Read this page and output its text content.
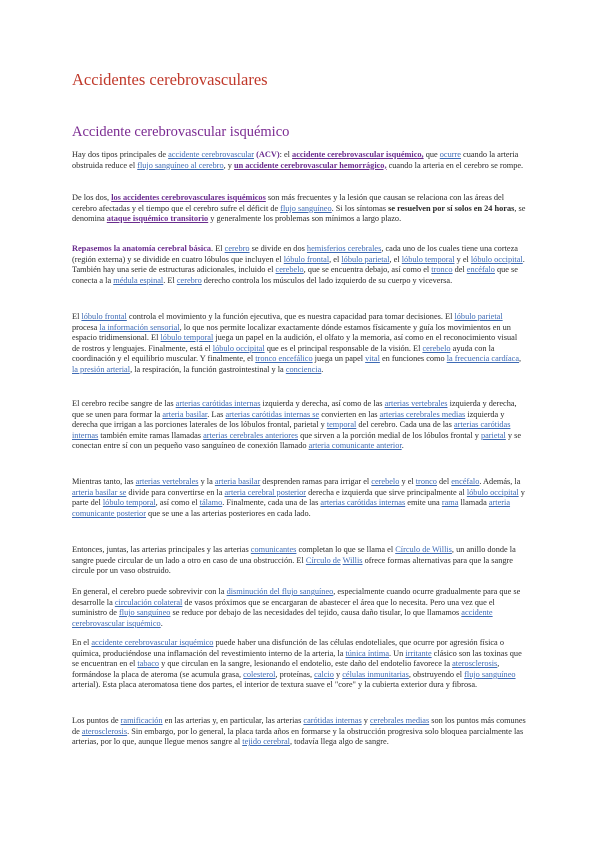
Accidentes cerebrovasculares
Accidente cerebrovascular isquémico

Hay dos tipos principales de accidente cerebrovascular (ACV): el accidente cerebrovascular isquémico, que ocurre cuando la arteria obstruida reduce el flujo sanguíneo al cerebro, y un accidente cerebrovascular hemorrágico, cuando la arteria en el cerebro se rompe.

De los dos, los accidentes cerebrovasculares isquémicos son más frecuentes y la lesión que causan se relaciona con las áreas del cerebro afectadas y el tiempo que el cerebro sufre el déficit de flujo sanguíneo. Si los síntomas se resuelven por sí solos en 24 horas, se denomina ataque isquémico transitorio y generalmente los problemas son mínimos a largo plazo.

Repasemos la anatomía cerebral básica. El cerebro se divide en dos hemisferios cerebrales, cada uno de los cuales tiene una corteza (región externa) y se dividide en cuatro lóbulos que incluyen el lóbulo frontal, el lóbulo parietal, el lóbulo temporal y el lóbulo occipital. También hay una serie de estructuras adicionales, incluido el cerebelo, que se encuentra debajo, así como el tronco del encéfalo que se conecta a la médula espinal. El cerebro derecho controla los músculos del lado izquierdo de su cuerpo y viceversa.

El lóbulo frontal controla el movimiento y la función ejecutiva, que es nuestra capacidad para tomar decisiones. El lóbulo parietal procesa la información sensorial, lo que nos permite localizar exactamente dónde estamos físicamente y guía los movimientos en un espacio tridimensional. El lóbulo temporal juega un papel en la audición, el olfato y la memoria, así como en el reconocimiento visual de rostros y lenguajes. Finalmente, está el lóbulo occipital que es el principal responsable de la visión. El cerebelo ayuda con la coordinación y el equilibrio muscular. Y finalmente, el tronco encefálico juega un papel vital en funciones como la frecuencia cardíaca, la presión arterial, la respiración, la función gastrointestinal y la conciencia.

El cerebro recibe sangre de las arterias carótidas internas izquierda y derecha, así como de las arterias vertebrales izquierda y derecha, que se unen para formar la arteria basilar. Las arterias carótidas internas se convierten en las arterias cerebrales medias izquierda y derecha que irrigan a las porciones laterales de los lóbulos frontal, parietal y temporal del cerebro. Cada una de las arterias carótidas internas también emite ramas llamadas arterias cerebrales anteriores que sirven a la porción medial de los lóbulos frontal y parietal y se conectan entre sí con un pequeño vaso sanguíneo de conexión llamado arteria comunicante anterior.

Mientras tanto, las arterias vertebrales y la arteria basilar desprenden ramas para irrigar el cerebelo y el tronco del encéfalo. Además, la arteria basilar se divide para convertirse en la arteria cerebral posterior derecha e izquierda que sirve principalmente al lóbulo occipital y parte del lóbulo temporal, así como el tálamo. Finalmente, cada una de las arterias carótidas internas emite una rama llamada arteria comunicante posterior que se une a las arterias posteriores en cada lado.

Entonces, juntas, las arterias principales y las arterias comunicantes completan lo que se llama el Círculo de Willis, un anillo donde la sangre puede circular de un lado a otro en caso de una obstrucción. El Círculo de Willis ofrece formas alternativas para que la sangre circule por un vaso obstruido.

En general, el cerebro puede sobrevivir con la disminución del flujo sanguíneo, especialmente cuando ocurre gradualmente para que se desarrolle la circulación colateral de vasos próximos que se encargaran de abastecer el área que lo necesita. Pero una vez que el suministro de flujo sanguíneo se reduce por debajo de las necesidades del tejido, causa daño tisular, lo que llamamos accidente cerebrovascular isquémico.

En el accidente cerebrovascular isquémico puede haber una disfunción de las células endoteliales, que ocurre por agresión física o química, produciéndose una inflamación del revestimiento interno de la arteria, la túnica íntima. Un irritante clásico son las toxinas que se encuentran en el tabaco y que circulan en la sangre, lesionando el endotelio, este daño del endotelio favorece la aterosclerosis, formándose la placa de ateroma (se acumula grasa, colesterol, proteínas, calcio y células inmunitarias, obstruyendo el flujo sanguíneo arterial). Esta placa ateromatosa tiene dos partes, el interior de textura suave el "core" y la cubierta exterior dura y fibrosa.

Los puntos de ramificación en las arterias y, en particular, las arterias carótidas internas y cerebrales medias son los puntos más comunes de aterosclerosis. Sin embargo, por lo general, la placa tarda años en formarse y la obstrucción progresiva solo bloquea parcialmente las arterias, por lo que, aunque llegue menos sangre al tejido cerebral, todavía llega algo de sangre.
